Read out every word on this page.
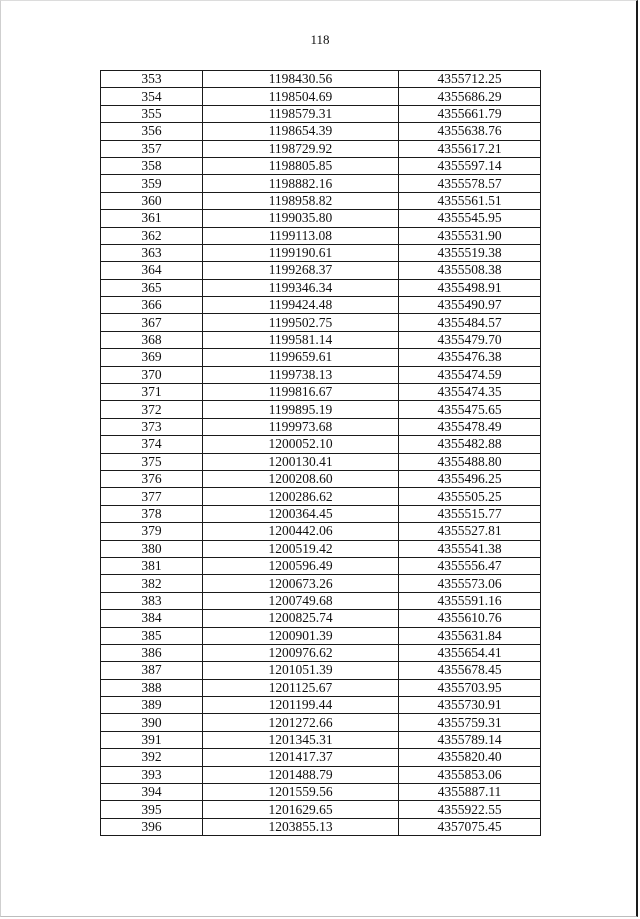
118
353	1198430.56	4355712.25
354	1198504.69	4355686.29
355	1198579.31	4355661.79
356	1198654.39	4355638.76
357	1198729.92	4355617.21
358	1198805.85	4355597.14
359	1198882.16	4355578.57
360	1198958.82	4355561.51
361	1199035.80	4355545.95
362	1199113.08	4355531.90
363	1199190.61	4355519.38
364	1199268.37	4355508.38
365	1199346.34	4355498.91
366	1199424.48	4355490.97
367	1199502.75	4355484.57
368	1199581.14	4355479.70
369	1199659.61	4355476.38
370	1199738.13	4355474.59
371	1199816.67	4355474.35
372	1199895.19	4355475.65
373	1199973.68	4355478.49
374	1200052.10	4355482.88
375	1200130.41	4355488.80
376	1200208.60	4355496.25
377	1200286.62	4355505.25
378	1200364.45	4355515.77
379	1200442.06	4355527.81
380	1200519.42	4355541.38
381	1200596.49	4355556.47
382	1200673.26	4355573.06
383	1200749.68	4355591.16
384	1200825.74	4355610.76
385	1200901.39	4355631.84
386	1200976.62	4355654.41
387	1201051.39	4355678.45
388	1201125.67	4355703.95
389	1201199.44	4355730.91
390	1201272.66	4355759.31
391	1201345.31	4355789.14
392	1201417.37	4355820.40
393	1201488.79	4355853.06
394	1201559.56	4355887.11
395	1201629.65	4355922.55
396	1203855.13	4357075.45
